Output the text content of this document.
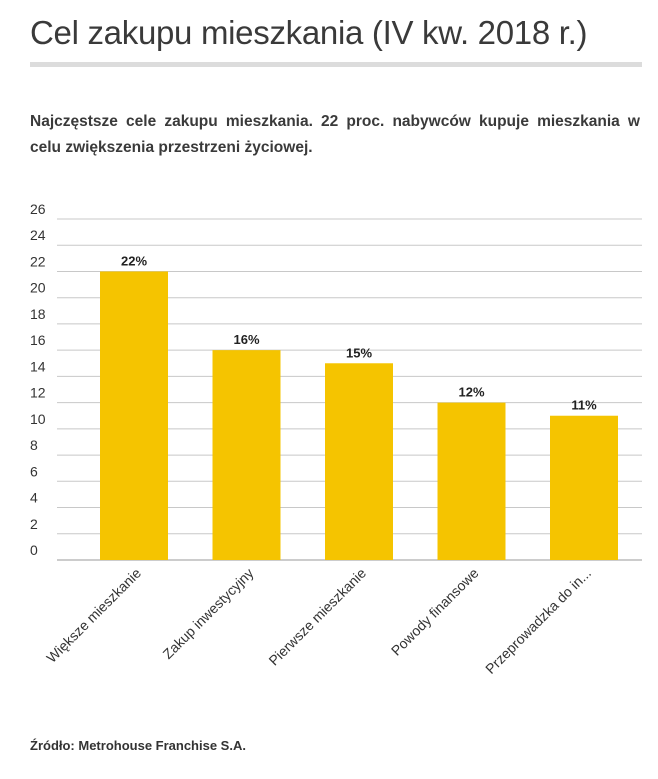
Cel zakupu mieszkania (IV kw. 2018 r.)
Najczęstsze cele zakupu mieszkania. 22 proc. nabywców kupuje mieszkania w celu zwiększenia przestrzeni życiowej.
0
2
4
6
8
10
12
14
16
18
20
22
24
26
22%
16%
15%
12%
11%
Większe mieszkanie Zakup inwestycyjny Pierwsze mieszkanie Powody finansowe Przeprowadzka do in...
Źródło: Metrohouse Franchise S.A.
